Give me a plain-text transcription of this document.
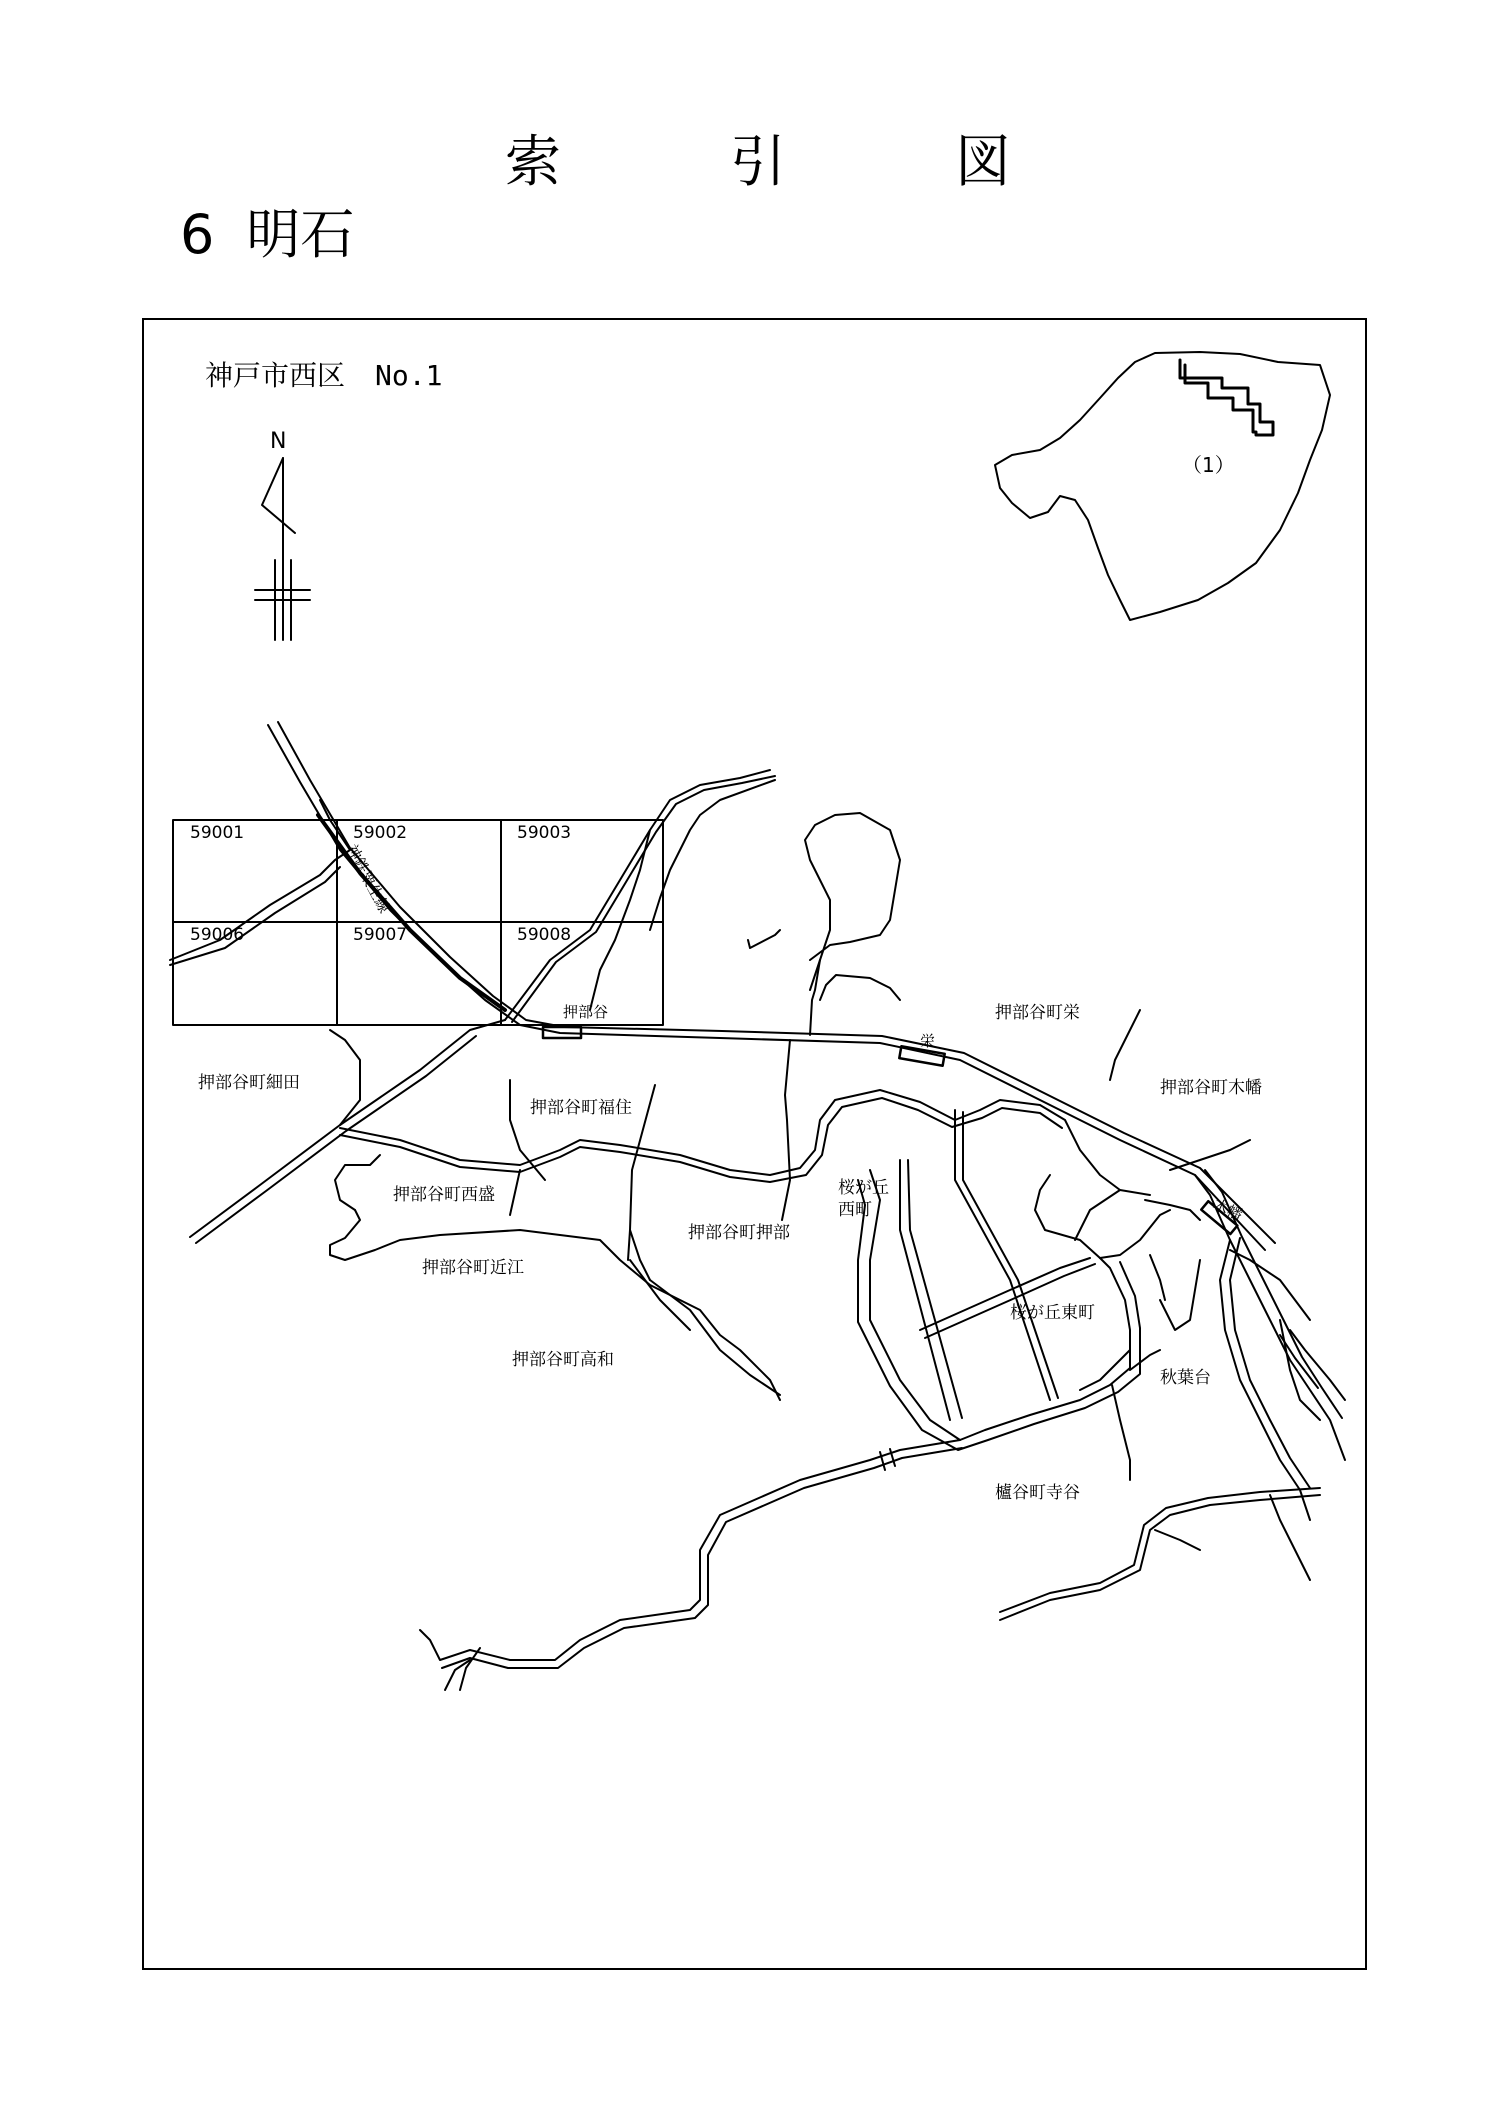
索	引	図
6 明石
神戸市西区 No.1
59001	59002	59003
59006	59007	59008
N
（1）
神鉄粟生線
押部谷
栄
木幡
押部谷町栄
押部谷町細田
押部谷町福住
押部谷町木幡
押部谷町西盛
押部谷町押部
押部谷町近江
押部谷町高和
桜が丘東町
秋葉台
櫨谷町寺谷
桜が丘
西町
